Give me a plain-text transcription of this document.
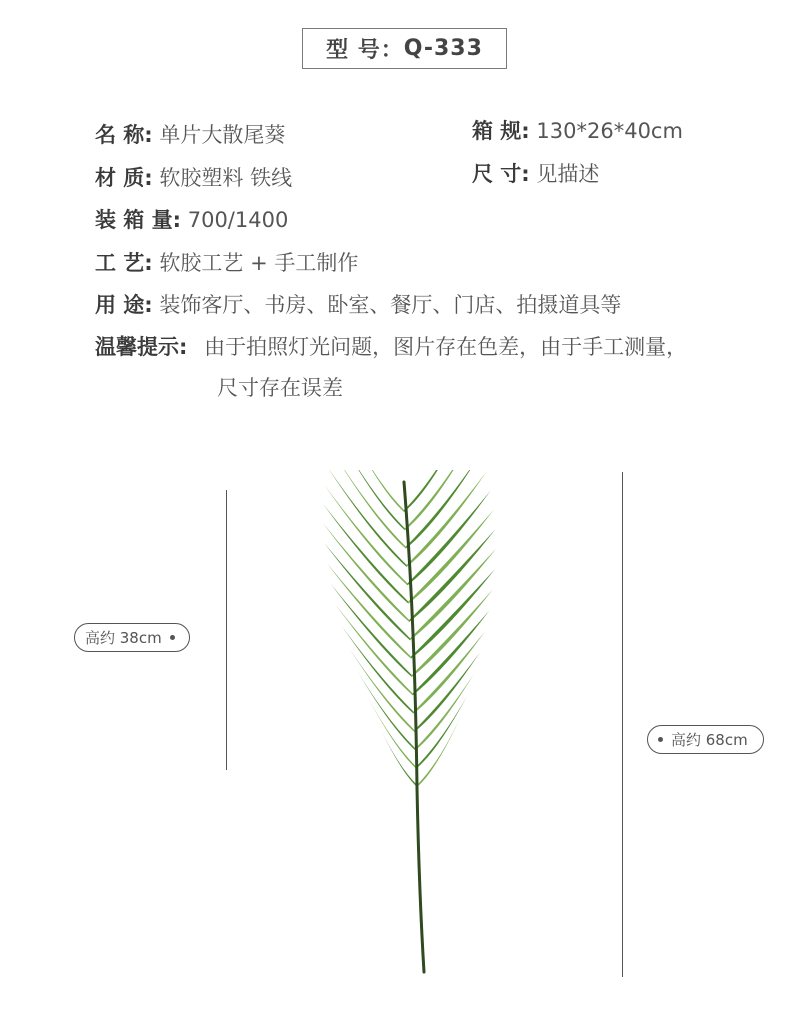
型 号： Q-333
名 称: 单片大散尾葵	箱 规: 130*26*40cm
材 质: 软胶塑料 铁线	尺 寸: 见描述
装 箱 量: 700/1400
工 艺: 软胶工艺 + 手工制作
用 途: 装饰客厅、书房、卧室、餐厅、门店、拍摄道具等
温馨提示: 由于拍照灯光问题，图片存在色差，由于手工测量，
尺寸存在误差
高约 38cm
高约 68cm
